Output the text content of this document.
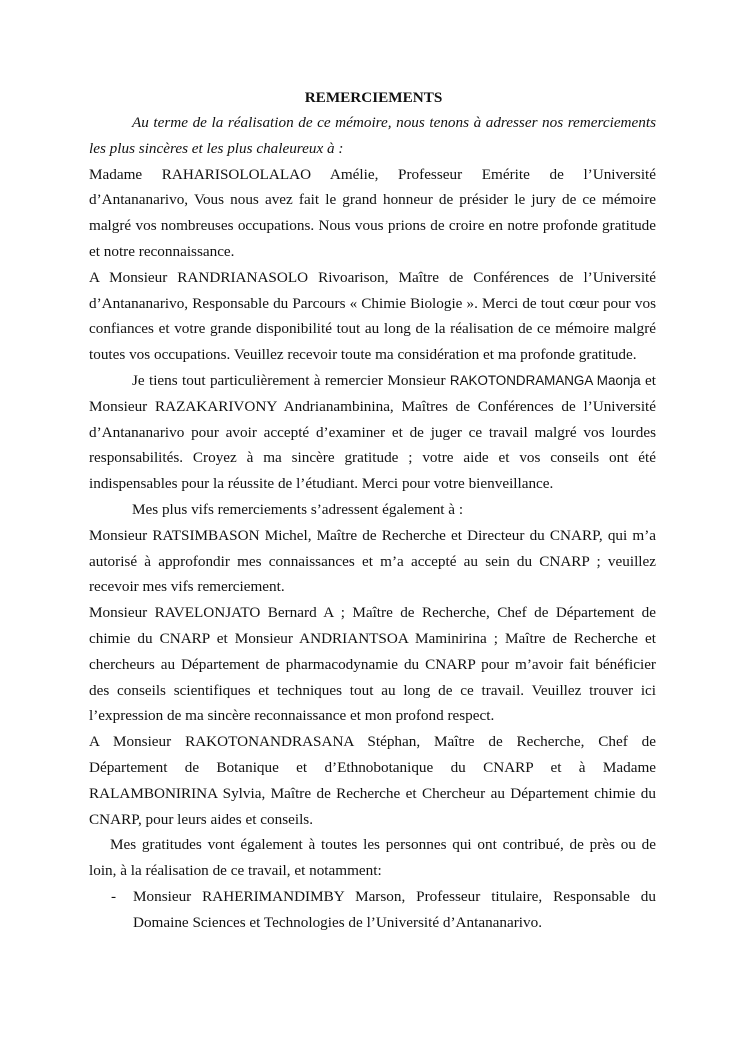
REMERCIEMENTS

Au terme de la réalisation de ce mémoire, nous tenons à adresser nos remerciements les plus sincères et les plus chaleureux à :

Madame RAHARISOLOLALAO Amélie, Professeur Emérite de l’Université d’Antananarivo, Vous nous avez fait le grand honneur de présider le jury de ce mémoire malgré vos nombreuses occupations. Nous vous prions de croire en notre profonde gratitude et notre reconnaissance.

A Monsieur RANDRIANASOLO Rivoarison, Maître de Conférences de l’Université d’Antananarivo, Responsable du Parcours « Chimie Biologie ». Merci de tout cœur pour vos confiances et votre grande disponibilité tout au long de la réalisation de ce mémoire malgré toutes vos occupations. Veuillez recevoir toute ma considération et ma profonde gratitude.

Je tiens tout particulièrement à remercier Monsieur RAKOTONDRAMANGA Maonja et Monsieur RAZAKARIVONY Andrianambinina, Maîtres de Conférences de l’Université d’Antananarivo pour avoir accepté d’examiner et de juger ce travail malgré vos lourdes responsabilités. Croyez à ma sincère gratitude ; votre aide et vos conseils ont été indispensables pour la réussite de l’étudiant. Merci pour votre bienveillance.

Mes plus vifs remerciements s’adressent également à :

Monsieur RATSIMBASON Michel, Maître de Recherche et Directeur du CNARP, qui m’a autorisé à approfondir mes connaissances et m’a accepté au sein du CNARP ; veuillez recevoir mes vifs remerciement.

Monsieur RAVELONJATO Bernard A ; Maître de Recherche, Chef de Département de chimie du CNARP et Monsieur ANDRIANTSOA Maminirina ; Maître de Recherche et chercheurs au Département de pharmacodynamie du CNARP pour m’avoir fait bénéficier des conseils scientifiques et techniques tout au long de ce travail. Veuillez trouver ici l’expression de ma sincère reconnaissance et mon profond respect.

A Monsieur RAKOTONANDRASANA Stéphan, Maître de Recherche, Chef de Département de Botanique et d’Ethnobotanique du CNARP et à Madame RALAMBONIRINA Sylvia, Maître de Recherche et Chercheur au Département chimie du CNARP, pour leurs aides et conseils.

Mes gratitudes vont également à toutes les personnes qui ont contribué, de près ou de loin, à la réalisation de ce travail, et notamment:

- Monsieur RAHERIMANDIMBY Marson, Professeur titulaire, Responsable du Domaine Sciences et Technologies de l’Université d’Antananarivo.
